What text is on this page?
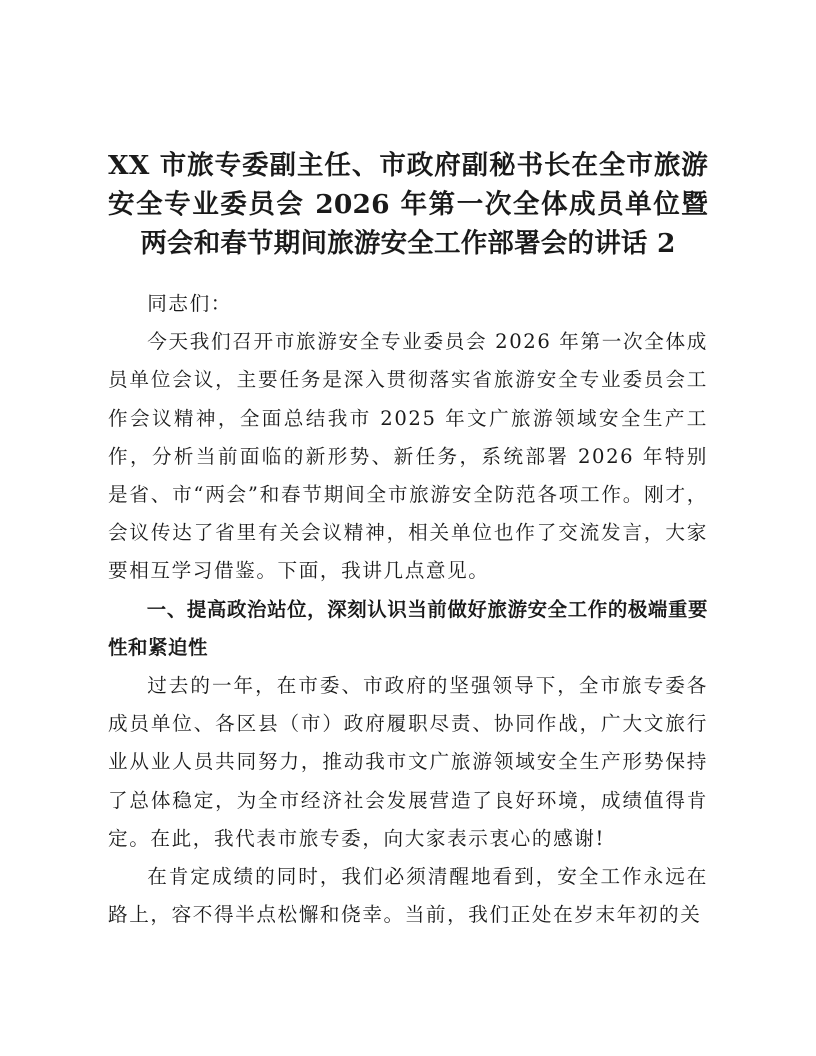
XX 市旅专委副主任、市政府副秘书长在全市旅游安全专业委员会 2026 年第一次全体成员单位暨两会和春节期间旅游安全工作部署会的讲话 2

同志们：

今天我们召开市旅游安全专业委员会 2026 年第一次全体成员单位会议，主要任务是深入贯彻落实省旅游安全专业委员会工作会议精神，全面总结我市 2025 年文广旅游领域安全生产工作，分析当前面临的新形势、新任务，系统部署 2026 年特别是省、市“两会”和春节期间全市旅游安全防范各项工作。刚才，会议传达了省里有关会议精神，相关单位也作了交流发言，大家要相互学习借鉴。下面，我讲几点意见。

一、提高政治站位，深刻认识当前做好旅游安全工作的极端重要性和紧迫性

过去的一年，在市委、市政府的坚强领导下，全市旅专委各成员单位、各区县（市）政府履职尽责、协同作战，广大文旅行业从业人员共同努力，推动我市文广旅游领域安全生产形势保持了总体稳定，为全市经济社会发展营造了良好环境，成绩值得肯定。在此，我代表市旅专委，向大家表示衷心的感谢!

在肯定成绩的同时，我们必须清醒地看到，安全工作永远在路上，容不得半点松懈和侥幸。当前，我们正处在岁末年初的关
